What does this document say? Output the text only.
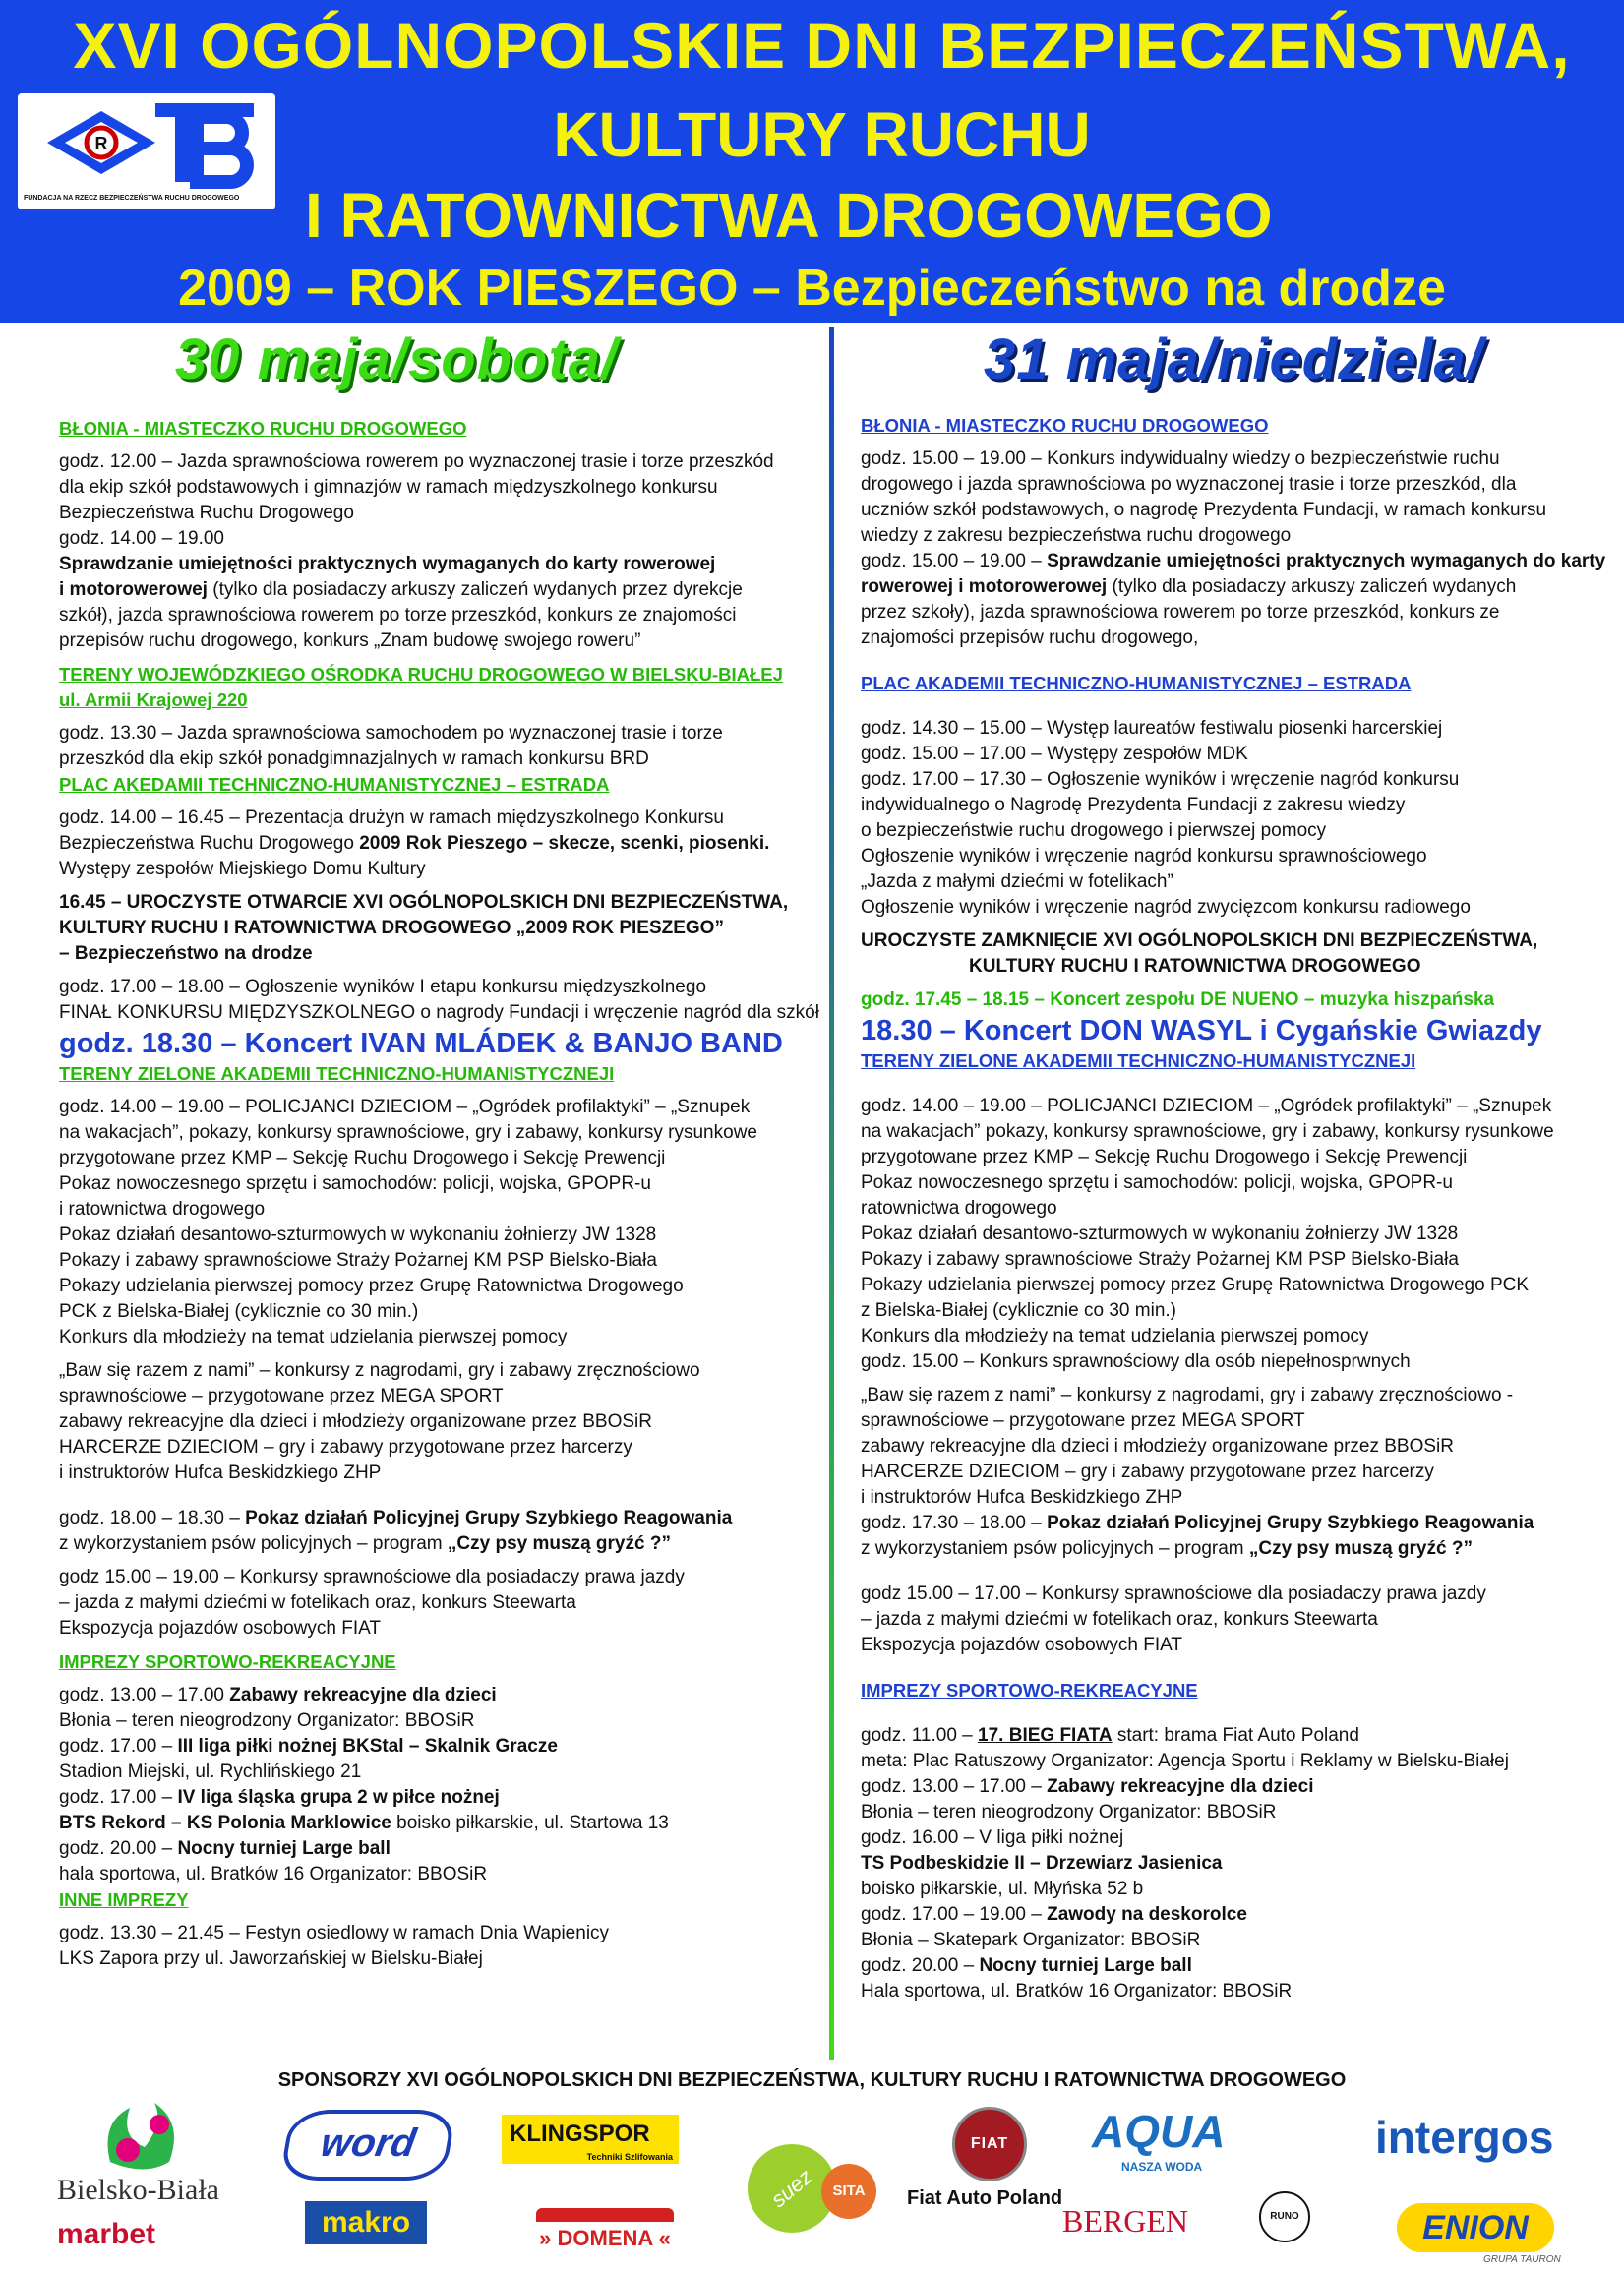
XVI OGÓLNOPOLSKIE DNI BEZPIECZEŃSTWA,
KULTURY RUCHU
I RATOWNICTWA DROGOWEGO
2009 – ROK PIESZEGO – Bezpieczeństwo na drodze
R
FUNDACJA NA RZECZ BEZPIECZEŃSTWA RUCHU DROGOWEGO
30 maja/sobota/	31 maja/niedziela/
BŁONIA - MIASTECZKO RUCHU DROGOWEGO
godz. 12.00 – Jazda sprawnościowa rowerem po wyznaczonej trasie i torze przeszkód
dla ekip szkół podstawowych i gimnazjów w ramach międzyszkolnego konkursu
Bezpieczeństwa Ruchu Drogowego
godz. 14.00 – 19.00
Sprawdzanie umiejętności praktycznych wymaganych do karty rowerowej
i motorowerowej (tylko dla posiadaczy arkuszy zaliczeń wydanych przez dyrekcje
szkół), jazda sprawnościowa rowerem po torze przeszkód, konkurs ze znajomości
przepisów ruchu drogowego, konkurs „Znam budowę swojego roweru”
TERENY WOJEWÓDZKIEGO OŚRODKA RUCHU DROGOWEGO W BIELSKU-BIAŁEJ
ul. Armii Krajowej 220
godz. 13.30 – Jazda sprawnościowa samochodem po wyznaczonej trasie i torze
przeszkód dla ekip szkół ponadgimnazjalnych w ramach konkursu BRD
PLAC AKEDAMII TECHNICZNO-HUMANISTYCZNEJ – ESTRADA
godz. 14.00 – 16.45 – Prezentacja drużyn w ramach międzyszkolnego Konkursu
Bezpieczeństwa Ruchu Drogowego 2009 Rok Pieszego – skecze, scenki, piosenki.
Występy zespołów Miejskiego Domu Kultury
16.45 – UROCZYSTE OTWARCIE XVI OGÓLNOPOLSKICH DNI BEZPIECZEŃSTWA,
KULTURY RUCHU I RATOWNICTWA DROGOWEGO „2009 ROK PIESZEGO”
– Bezpieczeństwo na drodze
godz. 17.00 – 18.00 – Ogłoszenie wyników I etapu konkursu międzyszkolnego
FINAŁ KONKURSU MIĘDZYSZKOLNEGO o nagrody Fundacji i wręczenie nagród dla szkół
godz. 18.30 – Koncert IVAN MLÁDEK & BANJO BAND
TERENY ZIELONE AKADEMII TECHNICZNO-HUMANISTYCZNEJI
godz. 14.00 – 19.00 – POLICJANCI DZIECIOM – „Ogródek profilaktyki” – „Sznupek
na wakacjach”, pokazy, konkursy sprawnościowe, gry i zabawy, konkursy rysunkowe
przygotowane przez KMP – Sekcję Ruchu Drogowego i Sekcję Prewencji
Pokaz nowoczesnego sprzętu i samochodów: policji, wojska, GPOPR-u
i ratownictwa drogowego
Pokaz działań desantowo-szturmowych w wykonaniu żołnierzy JW 1328
Pokazy i zabawy sprawnościowe Straży Pożarnej KM PSP Bielsko-Biała
Pokazy udzielania pierwszej pomocy przez Grupę Ratownictwa Drogowego
PCK z Bielska-Białej (cyklicznie co 30 min.)
Konkurs dla młodzieży na temat udzielania pierwszej pomocy
„Baw się razem z nami” – konkursy z nagrodami, gry i zabawy zręcznościowo
sprawnościowe – przygotowane przez MEGA SPORT
zabawy rekreacyjne dla dzieci i młodzieży organizowane przez BBOSiR
HARCERZE DZIECIOM – gry i zabawy przygotowane przez harcerzy
i instruktorów Hufca Beskidzkiego ZHP
godz. 18.00 – 18.30 – Pokaz działań Policyjnej Grupy Szybkiego Reagowania
z wykorzystaniem psów policyjnych – program „Czy psy muszą gryźć ?”
godz 15.00 – 19.00 – Konkursy sprawnościowe dla posiadaczy prawa jazdy
– jazda z małymi dziećmi w fotelikach oraz, konkurs Steewarta
Ekspozycja pojazdów osobowych FIAT
IMPREZY SPORTOWO-REKREACYJNE
godz. 13.00 – 17.00 Zabawy rekreacyjne dla dzieci
Błonia – teren nieogrodzony Organizator: BBOSiR
godz. 17.00 – III liga piłki nożnej BKStal – Skalnik Gracze
Stadion Miejski, ul. Rychlińskiego 21
godz. 17.00 – IV liga śląska grupa 2 w piłce nożnej
BTS Rekord – KS Polonia Marklowice boisko piłkarskie, ul. Startowa 13
godz. 20.00 – Nocny turniej Large ball
hala sportowa, ul. Bratków 16 Organizator: BBOSiR
INNE IMPREZY
godz. 13.30 – 21.45 – Festyn osiedlowy w ramach Dnia Wapienicy
LKS Zapora przy ul. Jaworzańskiej w Bielsku-Białej
BŁONIA - MIASTECZKO RUCHU DROGOWEGO
godz. 15.00 – 19.00 – Konkurs indywidualny wiedzy o bezpieczeństwie ruchu
drogowego i jazda sprawnościowa po wyznaczonej trasie i torze przeszkód, dla
uczniów szkół podstawowych, o nagrodę Prezydenta Fundacji, w ramach konkursu
wiedzy z zakresu bezpieczeństwa ruchu drogowego
godz. 15.00 – 19.00 – Sprawdzanie umiejętności praktycznych wymaganych do karty
rowerowej i motorowerowej (tylko dla posiadaczy arkuszy zaliczeń wydanych
przez szkoły), jazda sprawnościowa rowerem po torze przeszkód, konkurs ze
znajomości przepisów ruchu drogowego,
PLAC AKADEMII TECHNICZNO-HUMANISTYCZNEJ – ESTRADA
godz. 14.30 – 15.00 – Występ laureatów festiwalu piosenki harcerskiej
godz. 15.00 – 17.00 – Występy zespołów MDK
godz. 17.00 – 17.30 – Ogłoszenie wyników i wręczenie nagród konkursu
indywidualnego o Nagrodę Prezydenta Fundacji z zakresu wiedzy
o bezpieczeństwie ruchu drogowego i pierwszej pomocy
Ogłoszenie wyników i wręczenie nagród konkursu sprawnościowego
„Jazda z małymi dziećmi w fotelikach”
Ogłoszenie wyników i wręczenie nagród zwycięzcom konkursu radiowego
UROCZYSTE ZAMKNIĘCIE XVI OGÓLNOPOLSKICH DNI BEZPIECZEŃSTWA,
KULTURY RUCHU I RATOWNICTWA DROGOWEGO
godz. 17.45 – 18.15 – Koncert zespołu DE NUENO – muzyka hiszpańska
18.30 – Koncert DON WASYL i Cygańskie Gwiazdy
TERENY ZIELONE AKADEMII TECHNICZNO-HUMANISTYCZNEJI
godz. 14.00 – 19.00 – POLICJANCI DZIECIOM – „Ogródek profilaktyki” – „Sznupek
na wakacjach” pokazy, konkursy sprawnościowe, gry i zabawy, konkursy rysunkowe
przygotowane przez KMP – Sekcję Ruchu Drogowego i Sekcję Prewencji
Pokaz nowoczesnego sprzętu i samochodów: policji, wojska, GPOPR-u
ratownictwa drogowego
Pokaz działań desantowo-szturmowych w wykonaniu żołnierzy JW 1328
Pokazy i zabawy sprawnościowe Straży Pożarnej KM PSP Bielsko-Biała
Pokazy udzielania pierwszej pomocy przez Grupę Ratownictwa Drogowego PCK
z Bielska-Białej (cyklicznie co 30 min.)
Konkurs dla młodzieży na temat udzielania pierwszej pomocy
godz. 15.00 – Konkurs sprawnościowy dla osób niepełnosprwnych
„Baw się razem z nami” – konkursy z nagrodami, gry i zabawy zręcznościowo -
sprawnościowe – przygotowane przez MEGA SPORT
zabawy rekreacyjne dla dzieci i młodzieży organizowane przez BBOSiR
HARCERZE DZIECIOM – gry i zabawy przygotowane przez harcerzy
i instruktorów Hufca Beskidzkiego ZHP
godz. 17.30 – 18.00 – Pokaz działań Policyjnej Grupy Szybkiego Reagowania
z wykorzystaniem psów policyjnych – program „Czy psy muszą gryźć ?”
godz 15.00 – 17.00 – Konkursy sprawnościowe dla posiadaczy prawa jazdy
– jazda z małymi dziećmi w fotelikach oraz, konkurs Steewarta
Ekspozycja pojazdów osobowych FIAT
IMPREZY SPORTOWO-REKREACYJNE
godz. 11.00 – 17. BIEG FIATA start: brama Fiat Auto Poland
meta: Plac Ratuszowy Organizator: Agencja Sportu i Reklamy w Bielsku-Białej
godz. 13.00 – 17.00 – Zabawy rekreacyjne dla dzieci
Błonia – teren nieogrodzony Organizator: BBOSiR
godz. 16.00 – V liga piłki nożnej
TS Podbeskidzie II – Drzewiarz Jasienica
boisko piłkarskie, ul. Młyńska 52 b
godz. 17.00 – 19.00 – Zawody na deskorolce
Błonia – Skatepark Organizator: BBOSiR
godz. 20.00 – Nocny turniej Large ball
Hala sportowa, ul. Bratków 16 Organizator: BBOSiR
SPONSORZY XVI OGÓLNOPOLSKICH DNI BEZPIECZEŃSTWA, KULTURY RUCHU I RATOWNICTWA DROGOWEGO
Bielsko-Biała
marbet
word
makro
KLINGSPOR
Techniki Szlifowania
» DOMENA «
suez	SITA
FIAT
Fiat Auto Poland
AQUA
NASZA WODA
BERGEN	RUNO
intergos
ENION
GRUPA TAURON
